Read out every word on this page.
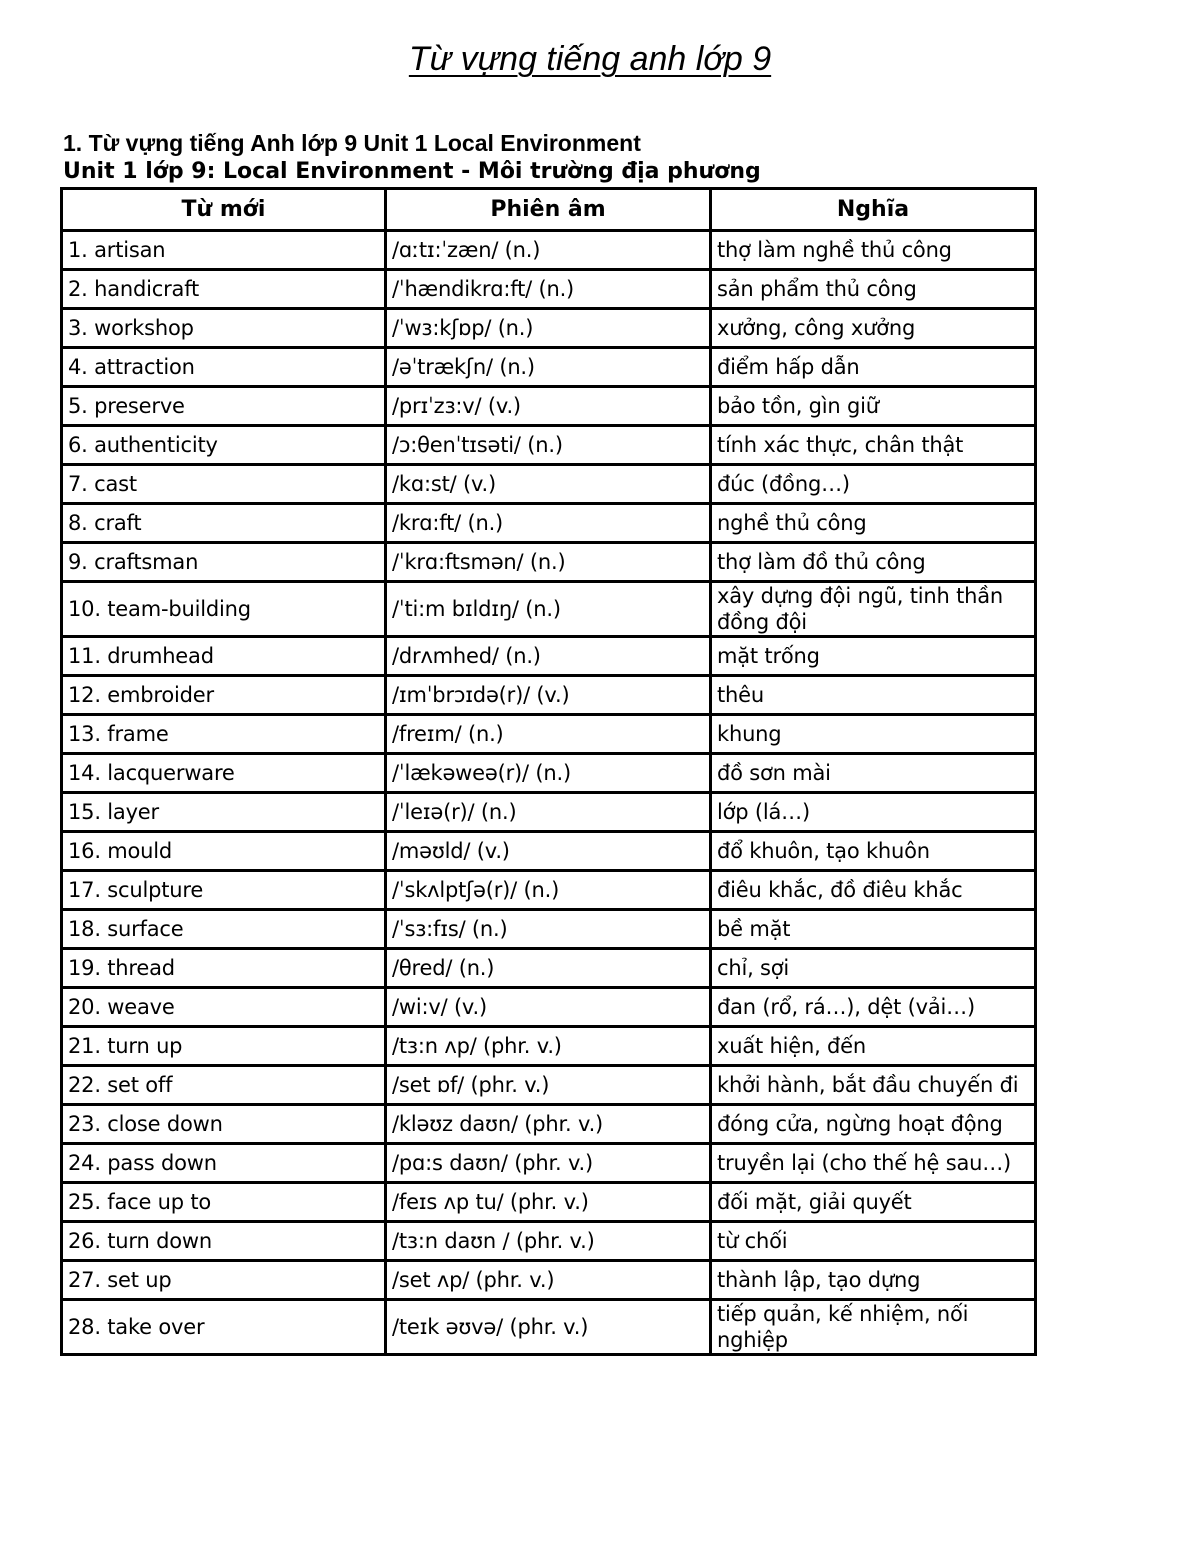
Từ vựng tiếng anh lớp 9
1. Từ vựng tiếng Anh lớp 9 Unit 1 Local Environment
Unit 1 lớp 9: Local Environment - Môi trường địa phương
Từ mới	Phiên âm	Nghĩa
1. artisan	/ɑːtɪ:ˈzæn/ (n.)	thợ làm nghề thủ công
2. handicraft	/ˈhændikrɑ:ft/ (n.)	sản phẩm thủ công
3. workshop	/ˈwɜ:kʃɒp/ (n.)	xưởng, công xưởng
4. attraction	/əˈtrækʃn/ (n.)	điểm hấp dẫn
5. preserve	/prɪˈzɜ:v/ (v.)	bảo tồn, gìn giữ
6. authenticity	/ɔ:θenˈtɪsəti/ (n.)	tính xác thực, chân thật
7. cast	/kɑ:st/ (v.)	đúc (đồng…)
8. craft	/krɑ:ft/ (n.)	nghề thủ công
9. craftsman	/ˈkrɑ:ftsmən/ (n.)	thợ làm đồ thủ công
10. team-building	/ˈti:m bɪldɪŋ/ (n.)	xây dựng đội ngũ, tinh thần đồng đội
11. drumhead	/drʌmhed/ (n.)	mặt trống
12. embroider	/ɪmˈbrɔɪdə(r)/ (v.)	thêu
13. frame	/freɪm/ (n.)	khung
14. lacquerware	/ˈlækəweə(r)/ (n.)	đồ sơn mài
15. layer	/ˈleɪə(r)/ (n.)	lớp (lá…)
16. mould	/məʊld/ (v.)	đổ khuôn, tạo khuôn
17. sculpture	/ˈskʌlptʃə(r)/ (n.)	điêu khắc, đồ điêu khắc
18. surface	/ˈsɜ:fɪs/ (n.)	bề mặt
19. thread	/θred/ (n.)	chỉ, sợi
20. weave	/wi:v/ (v.)	đan (rổ, rá…), dệt (vải…)
21. turn up	/tɜ:n ʌp/ (phr. v.)	xuất hiện, đến
22. set off	/set ɒf/ (phr. v.)	khởi hành, bắt đầu chuyến đi
23. close down	/kləʊz daʊn/ (phr. v.)	đóng cửa, ngừng hoạt động
24. pass down	/pɑ:s daʊn/ (phr. v.)	truyền lại (cho thế hệ sau…)
25. face up to	/feɪs ʌp tu/ (phr. v.)	đối mặt, giải quyết
26. turn down	/tɜ:n daʊn / (phr. v.)	từ chối
27. set up	/set ʌp/ (phr. v.)	thành lập, tạo dựng
28. take over	/teɪk əʊvə/ (phr. v.)	tiếp quản, kế nhiệm, nối nghiệp
